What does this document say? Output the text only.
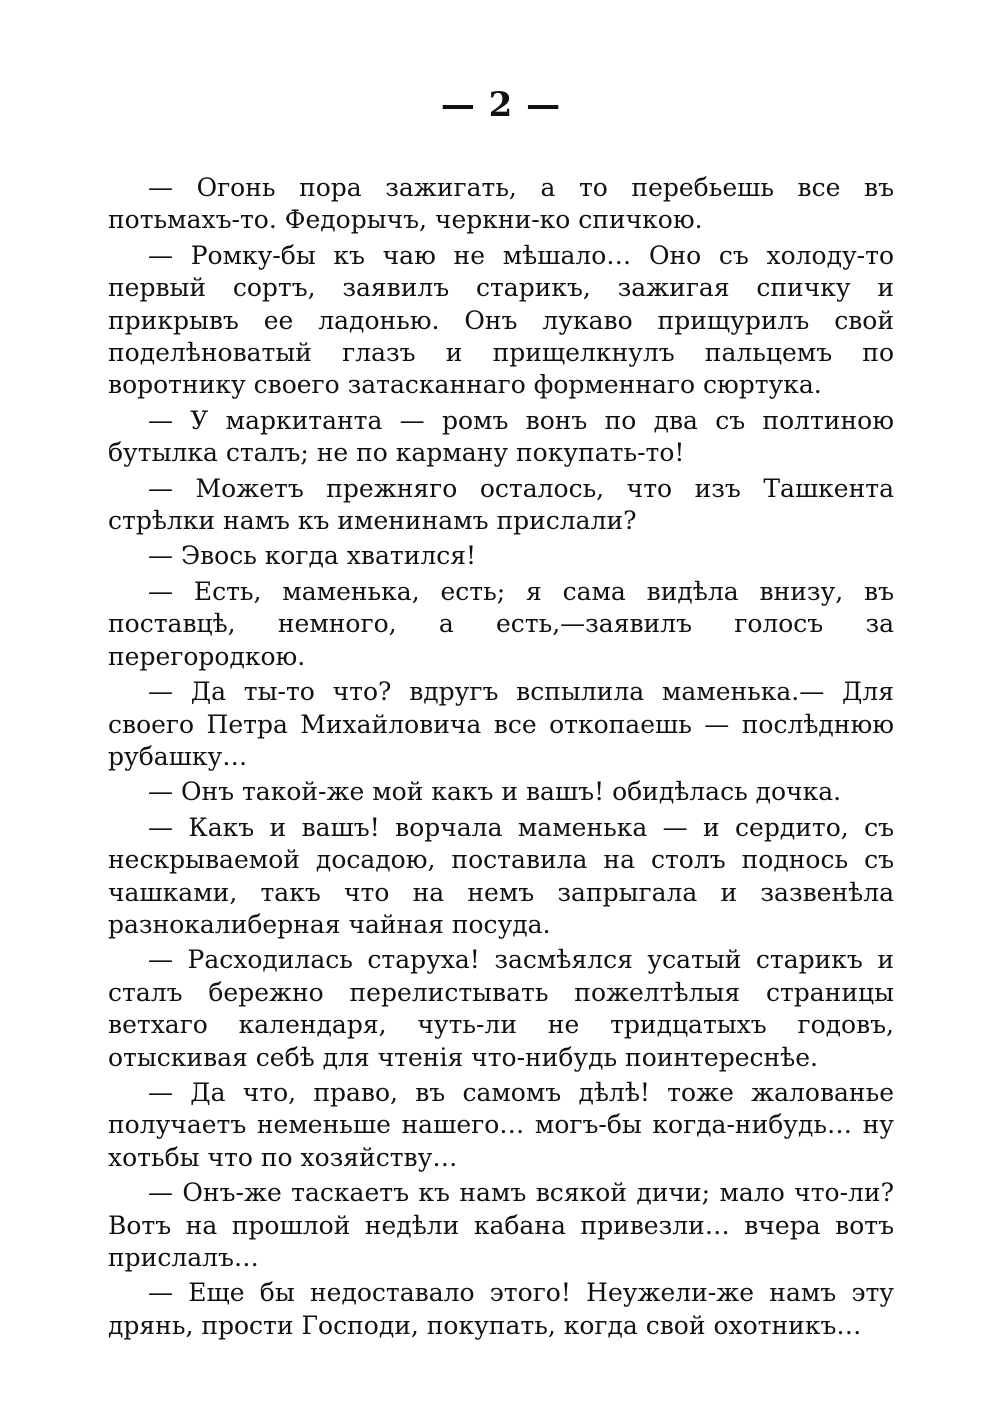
— 2 —

— Огонь пора зажигать, а то перебьешь все въ потьмахъ-то. Федорычъ, черкни-ко спичкою.

— Ромку-бы къ чаю не мѣшало… Оно съ холоду-то первый сортъ, заявилъ старикъ, зажигая спичку и прикрывъ ее ладонью. Онъ лукаво прищурилъ свой поделѣноватый глазъ и прищелкнулъ пальцемъ по воротнику своего затасканнаго форменнаго сюртука.

— У маркитанта — ромъ вонъ по два съ полтиною бутылка сталъ; не по карману покупать-то!

— Можетъ прежняго осталось, что изъ Ташкента стрѣлки намъ къ именинамъ прислали?

— Эвось когда хватился!

— Есть, маменька, есть; я сама видѣла внизу, въ поставцѣ, немного, а есть,—заявилъ голосъ за перегородкою.

— Да ты-то что? вдругъ вспылила маменька.— Для своего Петра Михайловича все откопаешь — послѣднюю рубашку…

— Онъ такой-же мой какъ и вашъ! обидѣлась дочка.

— Какъ и вашъ! ворчала маменька — и сердито, съ нескрываемой досадою, поставила на столъ поднось съ чашками, такъ что на немъ запрыгала и зазвенѣла разнокалиберная чайная посуда.

— Расходилась старуха! засмѣялся усатый старикъ и сталъ бережно перелистывать пожелтѣлыя страницы ветхаго календаря, чуть-ли не тридцатыхъ годовъ, отыскивая себѣ для чтенія что-нибудь поинтереснѣе.

— Да что, право, въ самомъ дѣлѣ! тоже жалованье получаетъ неменьше нашего… могъ-бы когда-нибудь… ну хотьбы что по хозяйству…

— Онъ-же таскаетъ къ намъ всякой дичи; мало что-ли? Вотъ на прошлой недѣли кабана привезли… вчера вотъ прислалъ…

— Еще бы недоставало этого! Неужели-же намъ эту дрянь, прости Господи, покупать, когда свой охотникъ…
